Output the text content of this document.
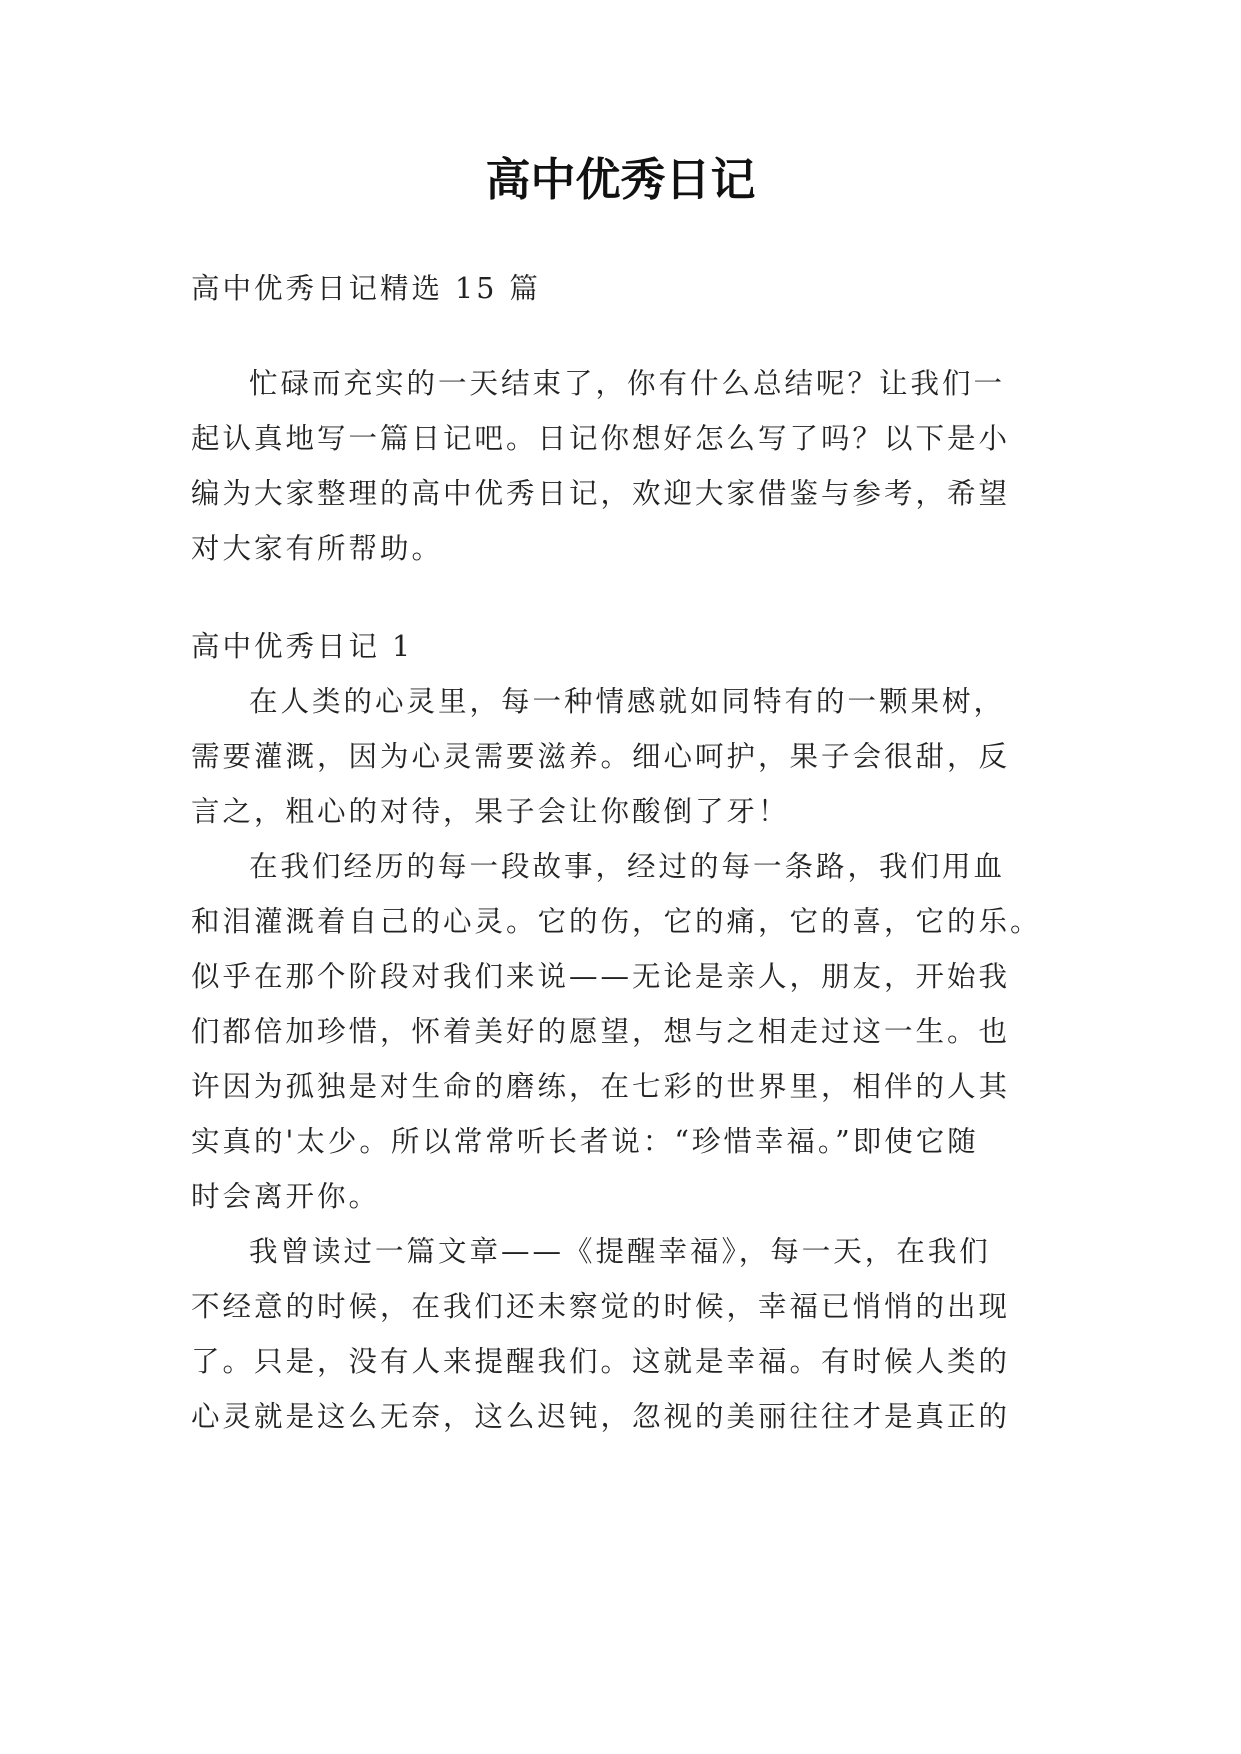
高中优秀日记
高中优秀日记精选 15 篇
忙碌而充实的一天结束了，你有什么总结呢？让我们一
起认真地写一篇日记吧。日记你想好怎么写了吗？以下是小
编为大家整理的高中优秀日记，欢迎大家借鉴与参考，希望
对大家有所帮助。
高中优秀日记 1
在人类的心灵里，每一种情感就如同特有的一颗果树，
需要灌溉，因为心灵需要滋养。细心呵护，果子会很甜，反
言之，粗心的对待，果子会让你酸倒了牙！
在我们经历的每一段故事，经过的每一条路，我们用血
和泪灌溉着自己的心灵。它的伤，它的痛，它的喜，它的乐。
似乎在那个阶段对我们来说——无论是亲人，朋友，开始我
们都倍加珍惜，怀着美好的愿望，想与之相走过这一生。也
许因为孤独是对生命的磨练，在七彩的世界里，相伴的人其
实真的'太少。所以常常听长者说：“珍惜幸福。”即使它随
时会离开你。
我曾读过一篇文章——《提醒幸福》，每一天，在我们
不经意的时候，在我们还未察觉的时候，幸福已悄悄的出现
了。只是，没有人来提醒我们。这就是幸福。有时候人类的
心灵就是这么无奈，这么迟钝，忽视的美丽往往才是真正的
